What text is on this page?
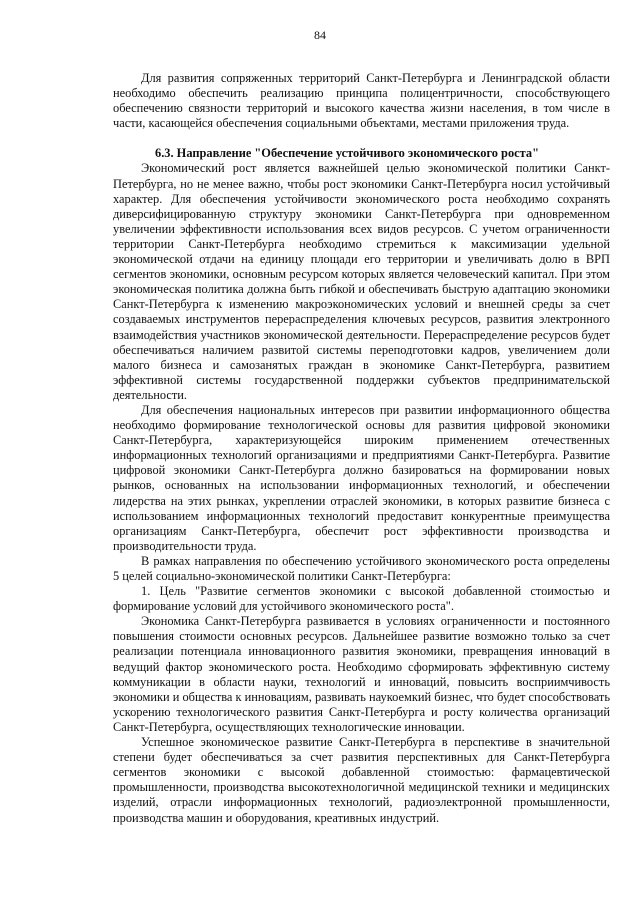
84

Для развития сопряженных территорий Санкт-Петербурга и Ленинградской области необходимо обеспечить реализацию принципа полицентричности, способствующего обеспечению связности территорий и высокого качества жизни населения, в том числе в части, касающейся обеспечения социальными объектами, местами приложения труда.

6.3. Направление "Обеспечение устойчивого экономического роста"

Экономический рост является важнейшей целью экономической политики Санкт-Петербурга, но не менее важно, чтобы рост экономики Санкт-Петербурга носил устойчивый характер. Для обеспечения устойчивости экономического роста необходимо сохранять диверсифицированную структуру экономики Санкт-Петербурга при одновременном увеличении эффективности использования всех видов ресурсов. С учетом ограниченности территории Санкт-Петербурга необходимо стремиться к максимизации удельной экономической отдачи на единицу площади его территории и увеличивать долю в ВРП сегментов экономики, основным ресурсом которых является человеческий капитал. При этом экономическая политика должна быть гибкой и обеспечивать быструю адаптацию экономики Санкт-Петербурга к изменению макроэкономических условий и внешней среды за счет создаваемых инструментов перераспределения ключевых ресурсов, развития электронного взаимодействия участников экономической деятельности. Перераспределение ресурсов будет обеспечиваться наличием развитой системы переподготовки кадров, увеличением доли малого бизнеса и самозанятых граждан в экономике Санкт-Петербурга, развитием эффективной системы государственной поддержки субъектов предпринимательской деятельности.

Для обеспечения национальных интересов при развитии информационного общества необходимо формирование технологической основы для развития цифровой экономики Санкт-Петербурга, характеризующейся широким применением отечественных информационных технологий организациями и предприятиями Санкт-Петербурга. Развитие цифровой экономики Санкт-Петербурга должно базироваться на формировании новых рынков, основанных на использовании информационных технологий, и обеспечении лидерства на этих рынках, укреплении отраслей экономики, в которых развитие бизнеса с использованием информационных технологий предоставит конкурентные преимущества организациям Санкт-Петербурга, обеспечит рост эффективности производства и производительности труда.

В рамках направления по обеспечению устойчивого экономического роста определены 5 целей социально-экономической политики Санкт-Петербурга:

1. Цель "Развитие сегментов экономики с высокой добавленной стоимостью и формирование условий для устойчивого экономического роста".

Экономика Санкт-Петербурга развивается в условиях ограниченности и постоянного повышения стоимости основных ресурсов. Дальнейшее развитие возможно только за счет реализации потенциала инновационного развития экономики, превращения инноваций в ведущий фактор экономического роста. Необходимо сформировать эффективную систему коммуникации в области науки, технологий и инноваций, повысить восприимчивость экономики и общества к инновациям, развивать наукоемкий бизнес, что будет способствовать ускорению технологического развития Санкт-Петербурга и росту количества организаций Санкт-Петербурга, осуществляющих технологические инновации.

Успешное экономическое развитие Санкт-Петербурга в перспективе в значительной степени будет обеспечиваться за счет развития перспективных для Санкт-Петербурга сегментов экономики с высокой добавленной стоимостью: фармацевтической промышленности, производства высокотехнологичной медицинской техники и медицинских изделий, отрасли информационных технологий, радиоэлектронной промышленности, производства машин и оборудования, креативных индустрий.
